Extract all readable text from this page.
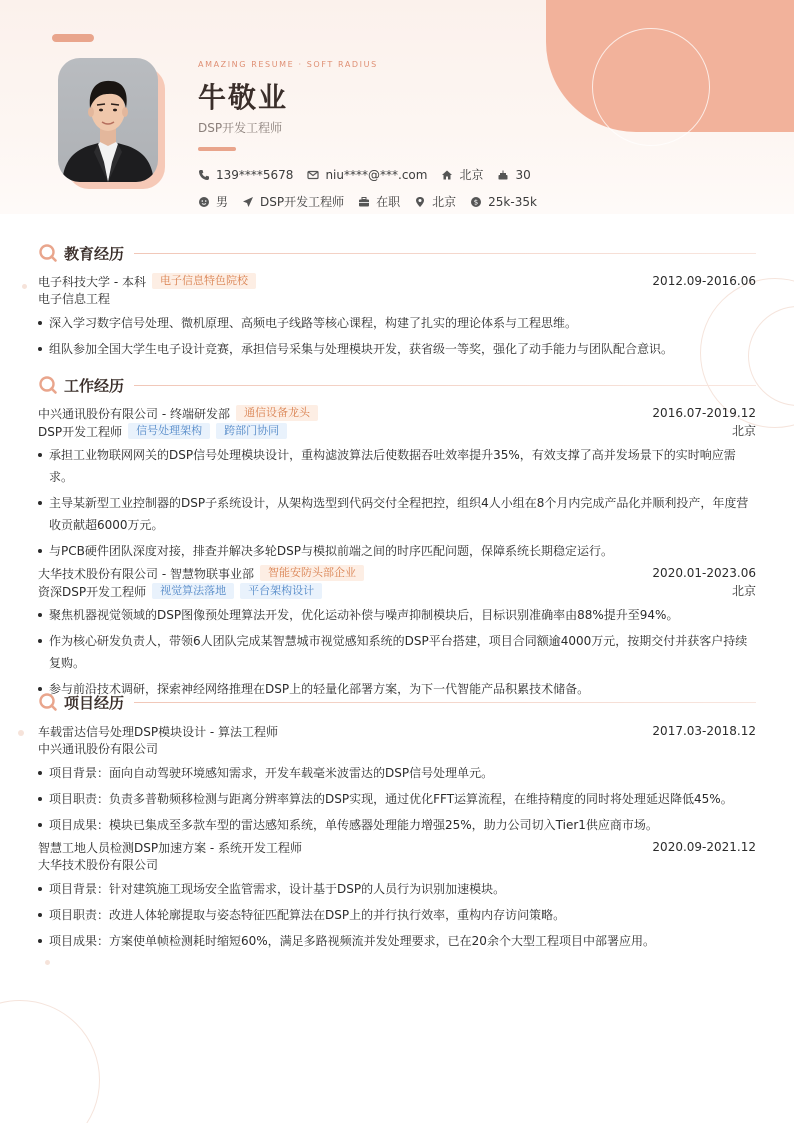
AMAZING RESUME · SOFT RADIUS
牛敬业
DSP开发工程师
139****5678	niu****@***.com	北京	30
男	DSP开发工程师	在职	北京	$ 25k-35k
教育经历
电子科技大学 - 本科	电子信息特色院校	2012.09-2016.06
电子信息工程
深入学习数字信号处理、微机原理、高频电子线路等核心课程，构建了扎实的理论体系与工程思维。
组队参加全国大学生电子设计竞赛，承担信号采集与处理模块开发，获省级一等奖，强化了动手能力与团队配合意识。
工作经历
中兴通讯股份有限公司 - 终端研发部	通信设备龙头	2016.07-2019.12
DSP开发工程师	信号处理架构	跨部门协同	北京
承担工业物联网网关的DSP信号处理模块设计，重构滤波算法后使数据吞吐效率提升35%，有效支撑了高并发场景下的实时响应需求。
主导某新型工业控制器的DSP子系统设计，从架构选型到代码交付全程把控，组织4人小组在8个月内完成产品化并顺利投产，年度营收贡献超6000万元。
与PCB硬件团队深度对接，排查并解决多轮DSP与模拟前端之间的时序匹配问题，保障系统长期稳定运行。
大华技术股份有限公司 - 智慧物联事业部	智能安防头部企业	2020.01-2023.06
资深DSP开发工程师	视觉算法落地	平台架构设计	北京
聚焦机器视觉领域的DSP图像预处理算法开发，优化运动补偿与噪声抑制模块后，目标识别准确率由88%提升至94%。
作为核心研发负责人，带领6人团队完成某智慧城市视觉感知系统的DSP平台搭建，项目合同额逾4000万元，按期交付并获客户持续复购。
参与前沿技术调研，探索神经网络推理在DSP上的轻量化部署方案，为下一代智能产品积累技术储备。
项目经历
车载雷达信号处理DSP模块设计 - 算法工程师	2017.03-2018.12
中兴通讯股份有限公司
项目背景：面向自动驾驶环境感知需求，开发车载毫米波雷达的DSP信号处理单元。
项目职责：负责多普勒频移检测与距离分辨率算法的DSP实现，通过优化FFT运算流程，在维持精度的同时将处理延迟降低45%。
项目成果：模块已集成至多款车型的雷达感知系统，单传感器处理能力增强25%，助力公司切入Tier1供应商市场。
智慧工地人员检测DSP加速方案 - 系统开发工程师	2020.09-2021.12
大华技术股份有限公司
项目背景：针对建筑施工现场安全监管需求，设计基于DSP的人员行为识别加速模块。
项目职责：改进人体轮廓提取与姿态特征匹配算法在DSP上的并行执行效率，重构内存访问策略。
项目成果：方案使单帧检测耗时缩短60%，满足多路视频流并发处理要求，已在20余个大型工程项目中部署应用。
